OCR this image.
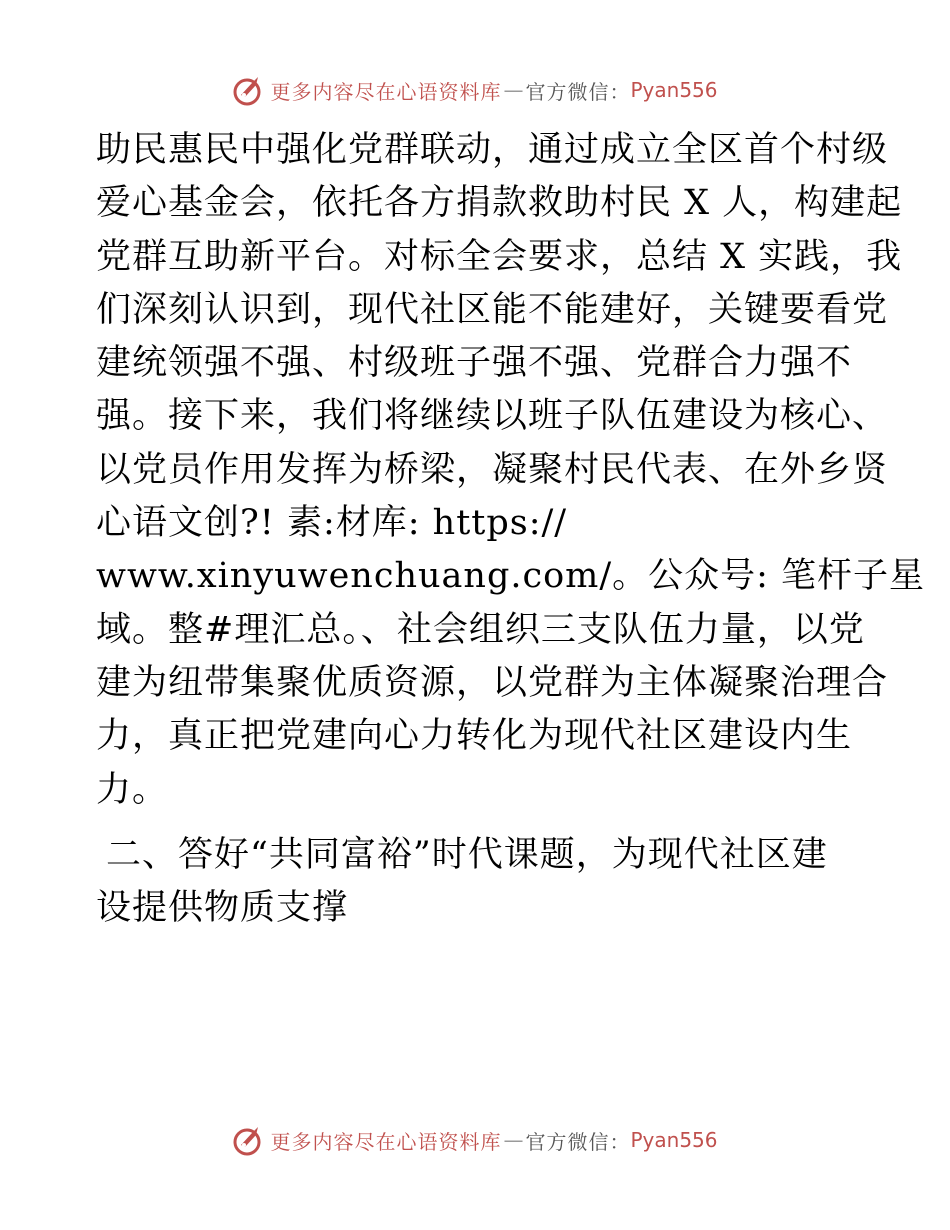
更多内容尽在心语资料库 — 官方微信： Pyan556
助民惠民中强化党群联动，通过成立全区首个村级
爱心基金会，依托各方捐款救助村民 X 人，构建起
党群互助新平台。对标全会要求，总结 X 实践，我
们深刻认识到，现代社区能不能建好，关键要看党
建统领强不强、村级班子强不强、党群合力强不
强。接下来，我们将继续以班子队伍建设为核心、
以党员作用发挥为桥梁，凝聚村民代表、在外乡贤
心语文创?! 素:材库: https://
www.xinyuwenchuang.com/。公众号: 笔杆子星
域。整#理汇总。、社会组织三支队伍力量，以党
建为纽带集聚优质资源，以党群为主体凝聚治理合
力，真正把党建向心力转化为现代社区建设内生
力。
二、答好“共同富裕”时代课题，为现代社区建
设提供物质支撑
更多内容尽在心语资料库 — 官方微信： Pyan556
